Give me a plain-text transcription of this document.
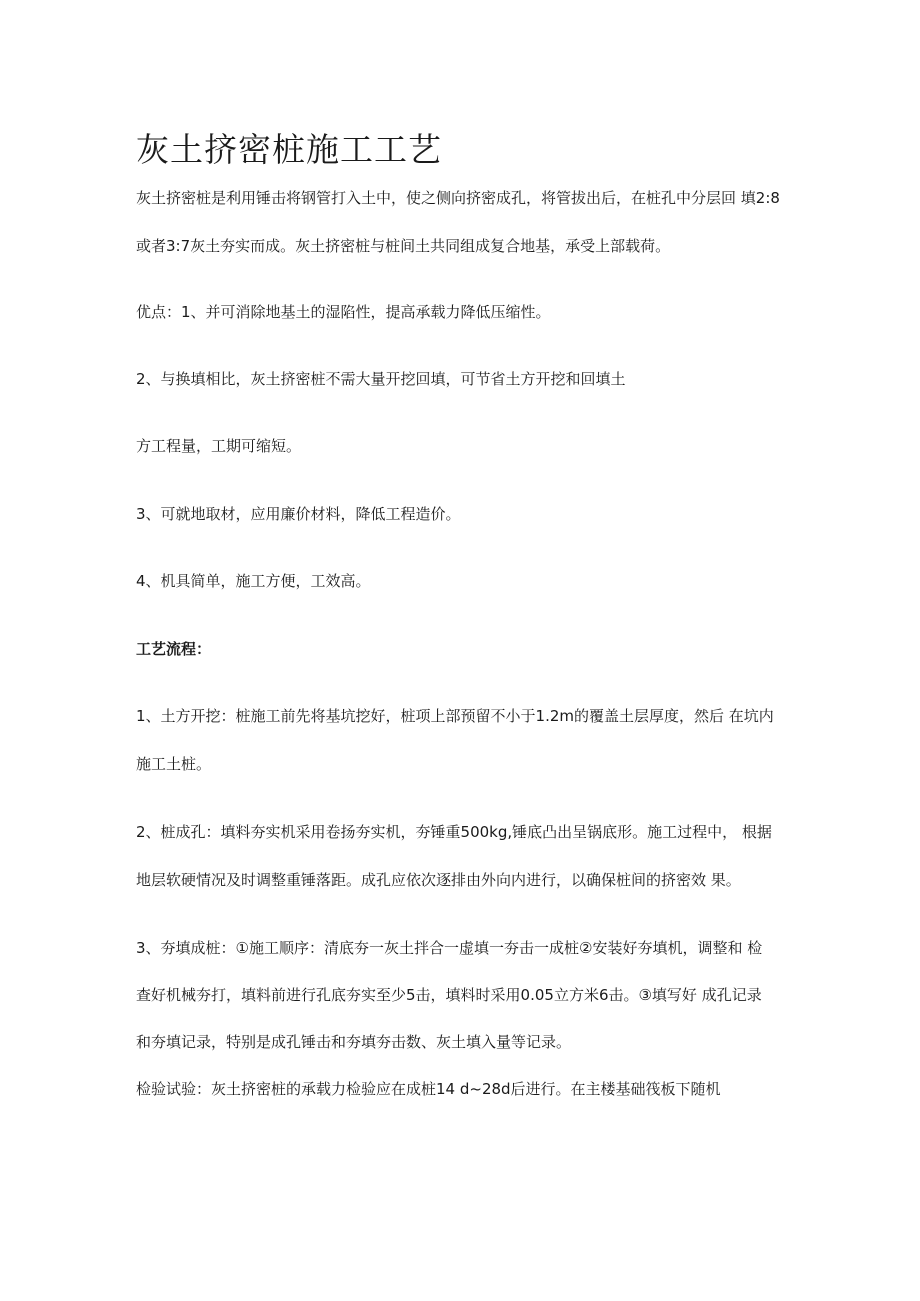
灰土挤密桩施工工艺

灰土挤密桩是利用锤击将钢管打入土中，使之侧向挤密成孔，将管拔出后，在桩孔中分层回 填2:8

或者3:7灰土夯实而成。灰土挤密桩与桩间土共同组成复合地基，承受上部载荷。

优点：1、并可消除地基土的湿陷性，提高承载力降低压缩性。

2、与换填相比，灰土挤密桩不需大量开挖回填，可节省土方开挖和回填土

方工程量，工期可缩短。

3、可就地取材，应用廉价材料，降低工程造价。

4、机具简单，施工方便，工效高。

工艺流程：

1、土方开挖：桩施工前先将基坑挖好，桩项上部预留不小于1.2m的覆盖土层厚度，然后 在坑内

施工土桩。

2、桩成孔：填料夯实机采用卷扬夯实机，夯锤重500kg,锤底凸出呈锅底形。施工过程中， 根据

地层软硬情况及时调整重锤落距。成孔应依次逐排由外向内进行，以确保桩间的挤密效 果。

3、夯填成桩：①施工顺序：清底夯一灰土拌合一虚填一夯击一成桩②安装好夯填机，调整和 检

查好机械夯打，填料前进行孔底夯实至少5击，填料时采用0.05立方米6击。③填写好 成孔记录

和夯填记录，特别是成孔锤击和夯填夯击数、灰土填入量等记录。

检验试验：灰土挤密桩的承载力检验应在成桩14 d~28d后进行。在主楼基础筏板下随机
